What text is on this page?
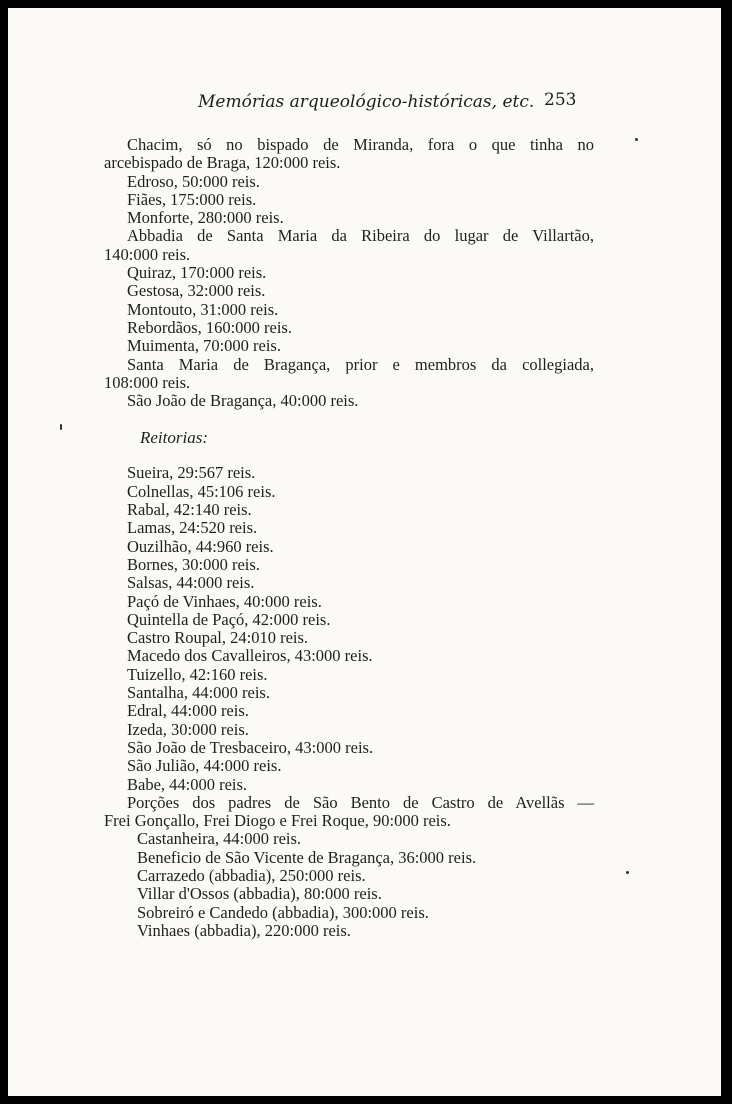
Memórias arqueológico-históricas, etc. 253
Chacim, só no bispado de Miranda, fora o que tinha no
arcebispado de Braga, 120:000 reis.
Edroso, 50:000 reis.
Fiães, 175:000 reis.
Monforte, 280:000 reis.
Abbadia de Santa Maria da Ribeira do lugar de Villartão,
140:000 reis.
Quiraz, 170:000 reis.
Gestosa, 32:000 reis.
Montouto, 31:000 reis.
Rebordãos, 160:000 reis.
Muimenta, 70:000 reis.
Santa Maria de Bragança, prior e membros da collegiada,
108:000 reis.
São João de Bragança, 40:000 reis.
Reitorias:
Sueira, 29:567 reis.
Colnellas, 45:106 reis.
Rabal, 42:140 reis.
Lamas, 24:520 reis.
Ouzilhão, 44:960 reis.
Bornes, 30:000 reis.
Salsas, 44:000 reis.
Paçó de Vinhaes, 40:000 reis.
Quintella de Paçó, 42:000 reis.
Castro Roupal, 24:010 reis.
Macedo dos Cavalleiros, 43:000 reis.
Tuizello, 42:160 reis.
Santalha, 44:000 reis.
Edral, 44:000 reis.
Izeda, 30:000 reis.
São João de Tresbaceiro, 43:000 reis.
São Julião, 44:000 reis.
Babe, 44:000 reis.
Porções dos padres de São Bento de Castro de Avellãs —
Frei Gonçallo, Frei Diogo e Frei Roque, 90:000 reis.
Castanheira, 44:000 reis.
Beneficio de São Vicente de Bragança, 36:000 reis.
Carrazedo (abbadia), 250:000 reis.
Villar d'Ossos (abbadia), 80:000 reis.
Sobreiró e Candedo (abbadia), 300:000 reis.
Vinhaes (abbadia), 220:000 reis.
